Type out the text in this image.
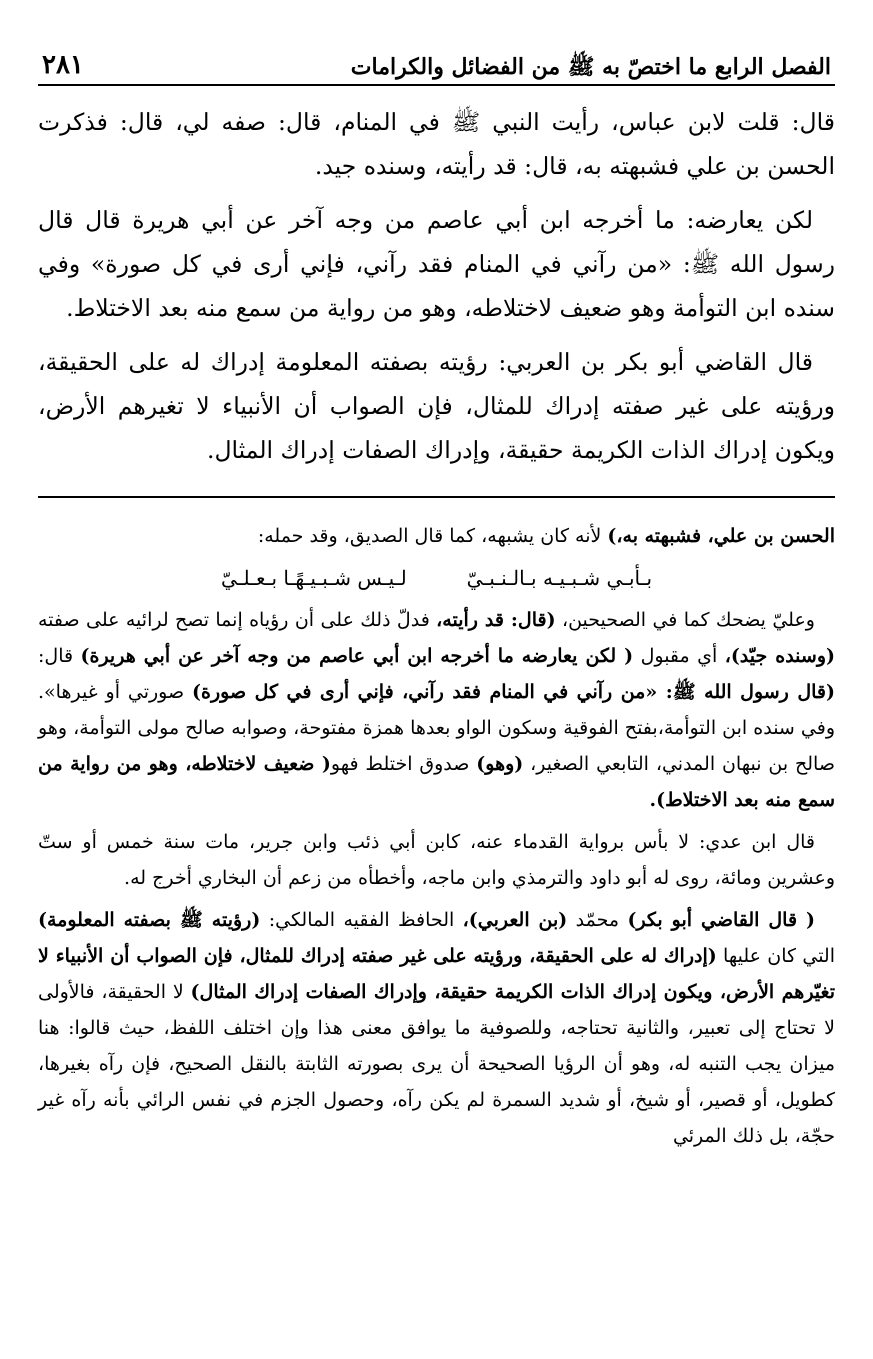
الفصل الرابع ما اختصّ به ﷺ من الفضائل والكرامات
٢٨١

قال: قلت لابن عباس، رأيت النبي ﷺ في المنام، قال: صفه لي، قال: فذكرت الحسن بن علي فشبهته به، قال: قد رأيته، وسنده جيد.

لكن يعارضه: ما أخرجه ابن أبي عاصم من وجه آخر عن أبي هريرة قال قال رسول الله ﷺ: «من رآني في المنام فقد رآني، فإني أرى في كل صورة» وفي سنده ابن التوأمة وهو ضعيف لاختلاطه، وهو من رواية من سمع منه بعد الاختلاط.

قال القاضي أبو بكر بن العربي: رؤيته بصفته المعلومة إدراك له على الحقيقة، ورؤيته على غير صفته إدراك للمثال، فإن الصواب أن الأنبياء لا تغيرهم الأرض، ويكون إدراك الذات الكريمة حقيقة، وإدراك الصفات إدراك المثال.

الحسن بن علي، فشبهته به،) لأنه كان يشبهه، كما قال الصديق، وقد حمله:

بـأبـي شـبـيـه بـالـنـبـيّ
لـيـس شـبـيـهًـا بـعـلـيّ

وعليّ يضحك كما في الصحيحين، (قال: قد رأيته، فدلّ ذلك على أن رؤياه إنما تصح لرائيه على صفته (وسنده جيّد)، أي مقبول ( لكن يعارضه ما أخرجه ابن أبي عاصم من وجه آخر عن أبي هريرة) قال: (قال رسول الله ﷺ: «من رآني في المنام فقد رآني، فإني أرى في كل صورة) صورتي أو غيرها». وفي سنده ابن التوأمة،بفتح الفوقية وسكون الواو بعدها همزة مفتوحة، وصوابه صالح مولى التوأمة، وهو صالح بن نبهان المدني، التابعي الصغير، (وهو) صدوق اختلط فهو( ضعيف لاختلاطه، وهو من رواية من سمع منه بعد الاختلاط).

قال ابن عدي: لا بأس برواية القدماء عنه، كابن أبي ذئب وابن جرير، مات سنة خمس أو ستّ وعشرين ومائة، روى له أبو داود والترمذي وابن ماجه، وأخطأه من زعم أن البخاري أخرج له.

( قال القاضي أبو بكر) محمّد (بن العربي)، الحافظ الفقيه المالكي: (رؤيته ﷺ بصفته المعلومة) التي كان عليها (إدراك له على الحقيقة، ورؤيته على غير صفته إدراك للمثال، فإن الصواب أن الأنبياء لا تغيّرهم الأرض، ويكون إدراك الذات الكريمة حقيقة، وإدراك الصفات إدراك المثال) لا الحقيقة، فالأولى لا تحتاج إلى تعبير، والثانية تحتاجه، وللصوفية ما يوافق معنى هذا وإن اختلف اللفظ، حيث قالوا: هنا ميزان يجب التنبه له، وهو أن الرؤيا الصحيحة أن يرى بصورته الثابتة بالنقل الصحيح، فإن رآه بغيرها، كطويل، أو قصير، أو شيخ، أو شديد السمرة لم يكن رآه، وحصول الجزم في نفس الرائي بأنه رآه غير حجّة، بل ذلك المرئي
